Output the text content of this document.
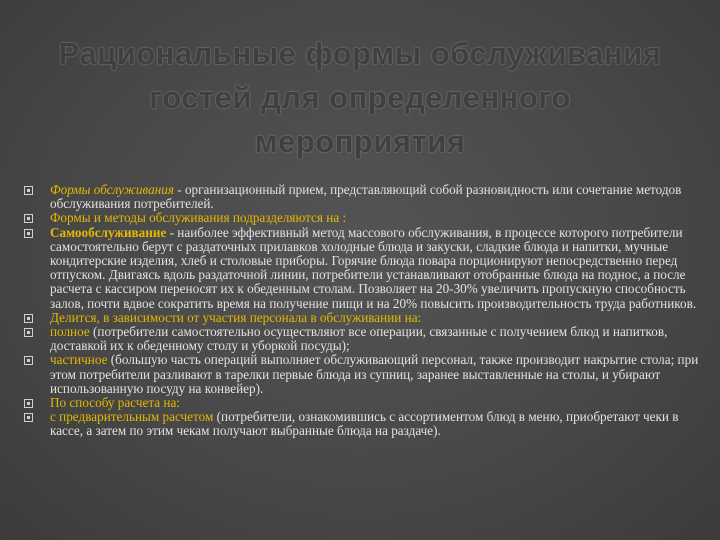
Рациональные формы обслуживания гостей для определенного мероприятия
Формы обслуживания - организационный прием, представляющий собой разновидность или сочетание методов обслуживания потребителей.
Формы и методы обслуживания подразделяются на :
Самообслуживание - наиболее эффективный метод массового обслуживания, в процессе которого потребители самостоятельно берут с раздаточных прилавков холодные блюда и закуски, сладкие блюда и напитки, мучные кондитерские изделия, хлеб и столовые приборы. Горячие блюда повара порционируют непосредственно перед отпуском. Двигаясь вдоль раздаточной линии, потребители устанавливают отобранные блюда на поднос, а после расчета с кассиром переносят их к обеденным столам. Позволяет на 20-30% увеличить пропускную способность залов, почти вдвое сократить время на получение пищи и на 20% повысить производительность труда работников.
Делится, в зависимости от участия персонала в обслуживании на:
полное (потребители самостоятельно осуществляют все операции, связанные с получением блюд и напитков, доставкой их к обеденному столу и уборкой посуды);
частичное (большую часть операций выполняет обслуживающий персонал, также производит накрытие стола; при этом потребители разливают в тарелки первые блюда из супниц, заранее выставленные на столы, и убирают использованную посуду на конвейер).
По способу расчета на:
с предварительным расчетом (потребители, ознакомившись с ассортиментом блюд в меню, приобретают чеки в кассе, а затем по этим чекам получают выбранные блюда на раздаче).
